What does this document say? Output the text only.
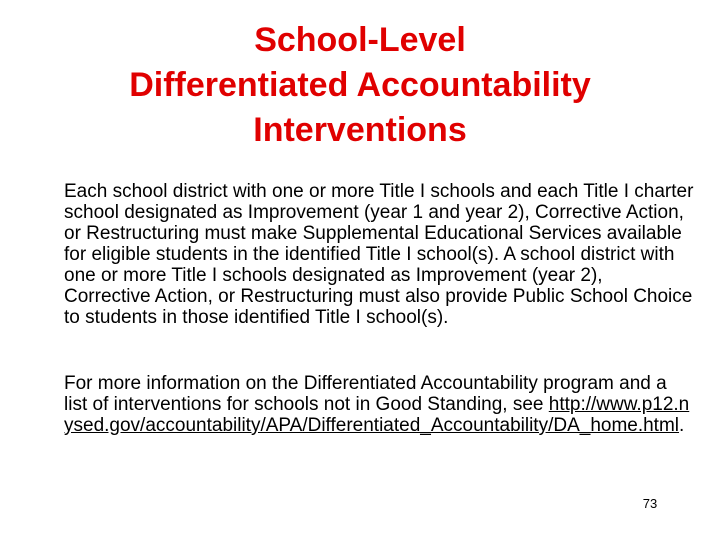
School-Level
Differentiated Accountability
Interventions
Each school district with one or more Title I schools and each Title I charter school designated as Improvement (year 1 and year 2), Corrective Action, or Restructuring must make Supplemental Educational Services available for eligible students in the identified Title I school(s). A school district with one or more Title I schools designated as Improvement (year 2), Corrective Action, or Restructuring must also provide Public School Choice to students in those identified Title I school(s).
For more information on the Differentiated Accountability program and a list of interventions for schools not in Good Standing, see http://www.p12.nysed.gov/accountability/APA/Differentiated_Accountability/DA_home.html.
73
